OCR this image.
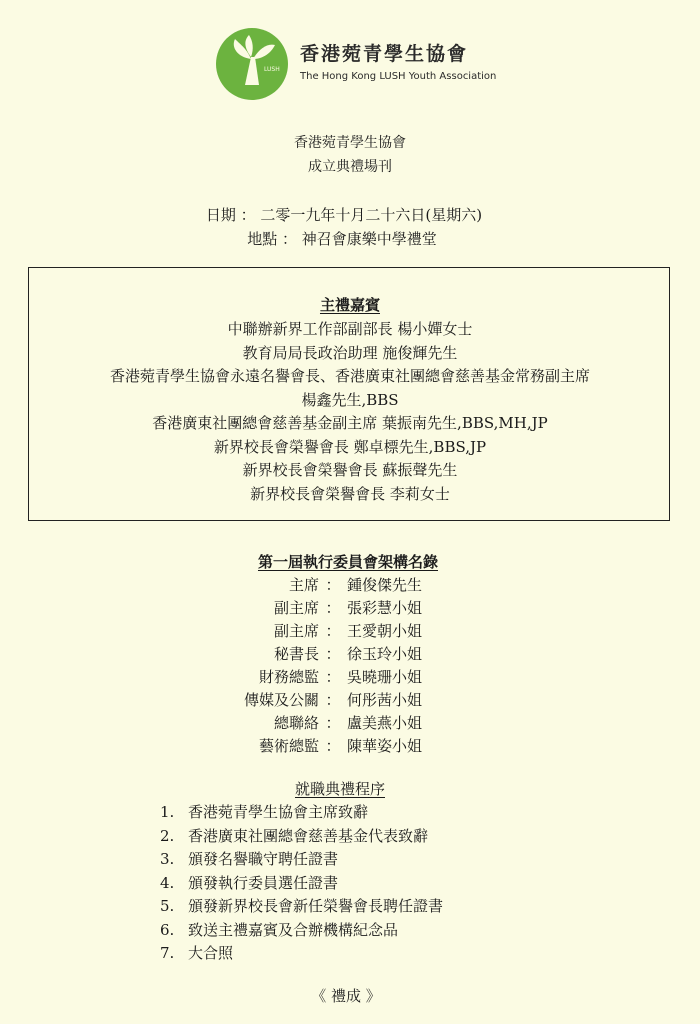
LUSH
香港菀青學生協會
The Hong Kong LUSH Youth Association
香港菀青學生協會
成立典禮場刊
日期 ： 二零一九年十月二十六日(星期六)
地點 ： 神召會康樂中學禮堂
主禮嘉賓
中聯辦新界工作部副部長 楊小嬋女士
教育局局長政治助理 施俊輝先生
香港菀青學生協會永遠名譽會長、香港廣東社團總會慈善基金常務副主席
楊鑫先生,BBS
香港廣東社團總會慈善基金副主席 葉振南先生,BBS,MH,JP
新界校長會榮譽會長 鄭卓標先生,BBS,JP
新界校長會榮譽會長 蘇振聲先生
新界校長會榮譽會長 李莉女士
第一屆執行委員會架構名錄
主席 ： 鍾俊傑先生
副主席 ： 張彩慧小姐
副主席 ： 王愛朝小姐
秘書長 ： 徐玉玲小姐
財務總監 ： 吳曉珊小姐
傳媒及公關 ： 何彤茜小姐
總聯絡 ： 盧美燕小姐
藝術總監 ： 陳華姿小姐
就職典禮程序
1. 香港菀青學生協會主席致辭
2. 香港廣東社團總會慈善基金代表致辭
3. 頒發名譽職守聘任證書
4. 頒發執行委員選任證書
5. 頒發新界校長會新任榮譽會長聘任證書
6. 致送主禮嘉賓及合辦機構紀念品
7. 大合照
《 禮成 》
